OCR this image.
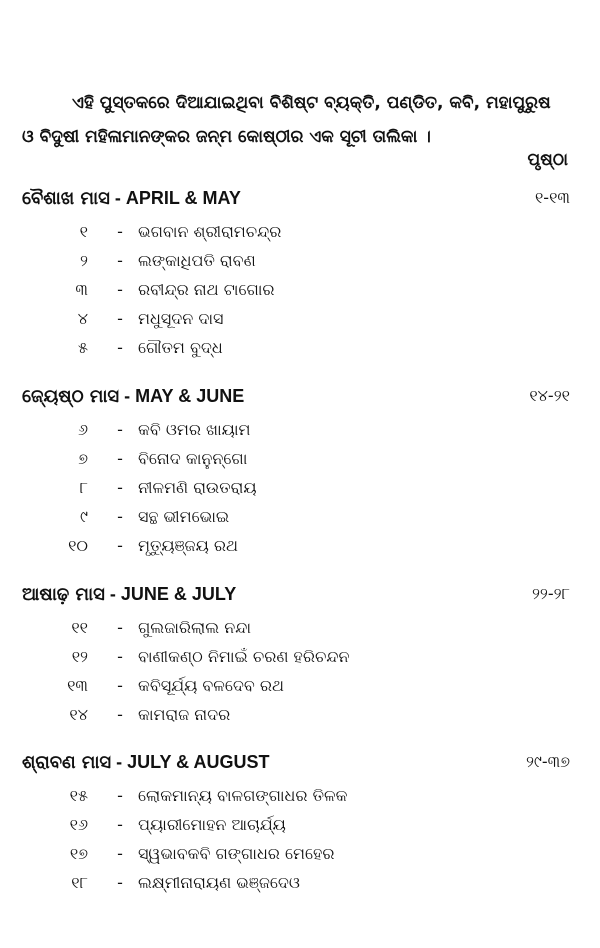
ଏହି ପୁସ୍ତକରେ ଦିଆଯାଇଥିବା ବିଶିଷ୍ଟ ବ୍ୟକ୍ତି, ପଣ୍ଡିତ, କବି, ମହାପୁରୁଷ
ଓ ବିଦୁଷୀ ମହିଳାମାନଙ୍କର ଜନ୍ମ କୋଷ୍ଠୀର ଏକ ସୂଚୀ ତାଲିକା ।
ପୃଷ୍ଠା
ବୈଶାଖ ମାସ - APRIL & MAY	୧-୧୩
୧	- ଭଗବାନ ଶ୍ରୀରାମଚନ୍ଦ୍ର
୨	- ଲଙ୍କାଧିପତି ରାବଣ
୩	- ରବୀନ୍ଦ୍ର ନାଥ ଟାଗୋର
୪	- ମଧୁସୂଦନ ଦାସ
୫	- ଗୌତମ ବୁଦ୍ଧ
ଜ୍ୟେଷ୍ଠ ମାସ - MAY & JUNE	୧୪-୨୧
୬	- କବି ଓମର ଖାୟାମ
୭	- ବିନୋଦ କାନୁନ୍‌ଗୋ
୮	- ନୀଳମଣି ରାଉତରାୟ
୯	- ସନ୍ଥ ଭୀମଭୋଇ
୧୦	- ମୃତ୍ୟୁଞ୍ଜୟ ରଥ
ଆଷାଢ଼ ମାସ - JUNE & JULY	୨୨-୨୮
୧୧	- ଗୁଲଜାରିଲାଲ ନନ୍ଦା
୧୨	- ବାଣୀକଣ୍ଠ ନିମାଇଁ ଚରଣ ହରିଚନ୍ଦନ
୧୩	- କବିସୂର୍ଯ୍ୟ ବଳଦେବ ରଥ
୧୪	- କାମରାଜ ନାଦର
ଶ୍ରାବଣ ମାସ - JULY & AUGUST	୨୯-୩୭
୧୫	- ଲୋକମାନ୍ୟ ବାଳଗଙ୍ଗାଧର ତିଳକ
୧୬	- ପ୍ୟାରୀମୋହନ ଆଚାର୍ଯ୍ୟ
୧୭	- ସ୍ୱଭାବକବି ଗଙ୍ଗାଧର ମେହେର
୧୮	- ଲକ୍ଷ୍ମୀନାରାୟଣ ଭଞ୍ଜଦେଓ
